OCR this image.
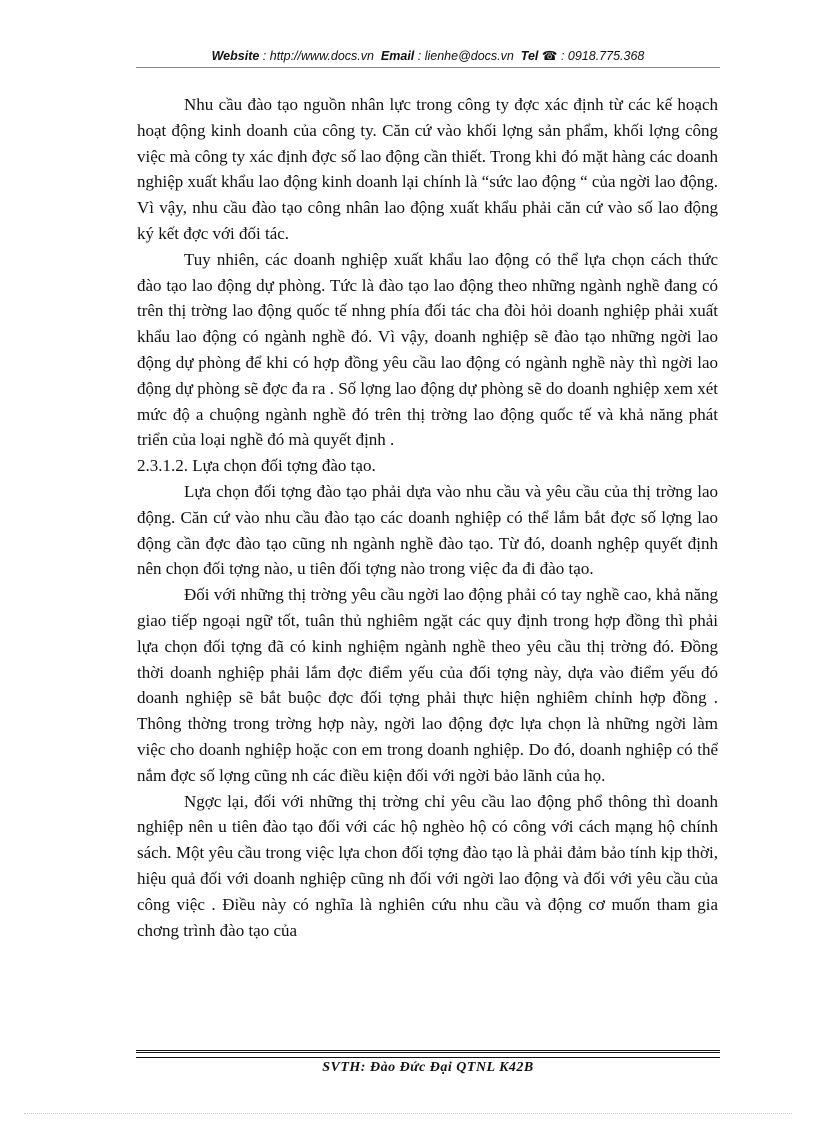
Website : http://www.docs.vn Email : lienhe@docs.vn Tel ☎ : 0918.775.368

Nhu cầu đào tạo nguồn nhân lực trong công ty đợc xác định từ các kế hoạch hoạt động kinh doanh của công ty. Căn cứ vào khối lợng sản phẩm, khối lợng công việc mà công ty xác định đợc số lao động cần thiết. Trong khi đó mặt hàng các doanh nghiệp xuất khẩu lao động kinh doanh lại chính là “sức lao động “ của ngời lao động. Vì vậy, nhu cầu đào tạo công nhân lao động xuất khẩu phải căn cứ vào số lao động ký kết đợc với đối tác.

Tuy nhiên, các doanh nghiệp xuất khẩu lao động có thể lựa chọn cách thức đào tạo lao động dự phòng. Tức là đào tạo lao động theo những ngành nghề đang có trên thị trờng lao động quốc tế nhng phía đối tác cha đòi hỏi doanh nghiệp phải xuất khẩu lao động có ngành nghề đó. Vì vậy, doanh nghiệp sẽ đào tạo những ngời lao động dự phòng để khi có hợp đồng yêu cầu lao động có ngành nghề này thì ngời lao động dự phòng sẽ đợc đa ra . Số lợng lao động dự phòng sẽ do doanh nghiệp xem xét mức độ a chuộng ngành nghề đó trên thị trờng lao động quốc tế và khả năng phát triển của loại nghề đó mà quyết định .

2.3.1.2. Lựa chọn đối tợng đào tạo.

Lựa chọn đối tợng đào tạo phải dựa vào nhu cầu và yêu cầu của thị trờng lao động. Căn cứ vào nhu cầu đào tạo các doanh nghiệp có thể lắm bắt đợc số lợng lao động cần đợc đào tạo cũng nh ngành nghề đào tạo. Từ đó, doanh nghệp quyết định nên chọn đối tợng nào, u tiên đối tợng nào trong việc đa đi đào tạo.

Đối với những thị trờng yêu cầu ngời lao động phải có tay nghề cao, khả năng giao tiếp ngoại ngữ tốt, tuân thủ nghiêm ngặt các quy định trong hợp đồng thì phải lựa chọn đối tợng đã có kinh nghiệm ngành nghề theo yêu cầu thị trờng đó. Đồng thời doanh nghiệp phải lắm đợc điểm yếu của đối tợng này, dựa vào điểm yếu đó doanh nghiệp sẽ bắt buộc đợc đối tợng phải thực hiện nghiêm chỉnh hợp đồng . Thông thờng trong trờng hợp này, ngời lao động đợc lựa chọn là những ngời làm việc cho doanh nghiệp hoặc con em trong doanh nghiệp. Do đó, doanh nghiệp có thể nắm đợc số lợng cũng nh các điều kiện đối với ngời bảo lãnh của họ.

Ngợc lại, đối với những thị trờng chỉ yêu cầu lao động phổ thông thì doanh nghiệp nên u tiên đào tạo đối với các hộ nghèo hộ có công với cách mạng hộ chính sách. Một yêu cầu trong việc lựa chon đối tợng đào tạo là phải đảm bảo tính kịp thời, hiệu quả đối với doanh nghiệp cũng nh đối với ngời lao động và đối với yêu cầu của công việc . Điều này có nghĩa là nghiên cứu nhu cầu và động cơ muốn tham gia chơng trình đào tạo của

SVTH: Đào Đức Đại QTNL K42B
